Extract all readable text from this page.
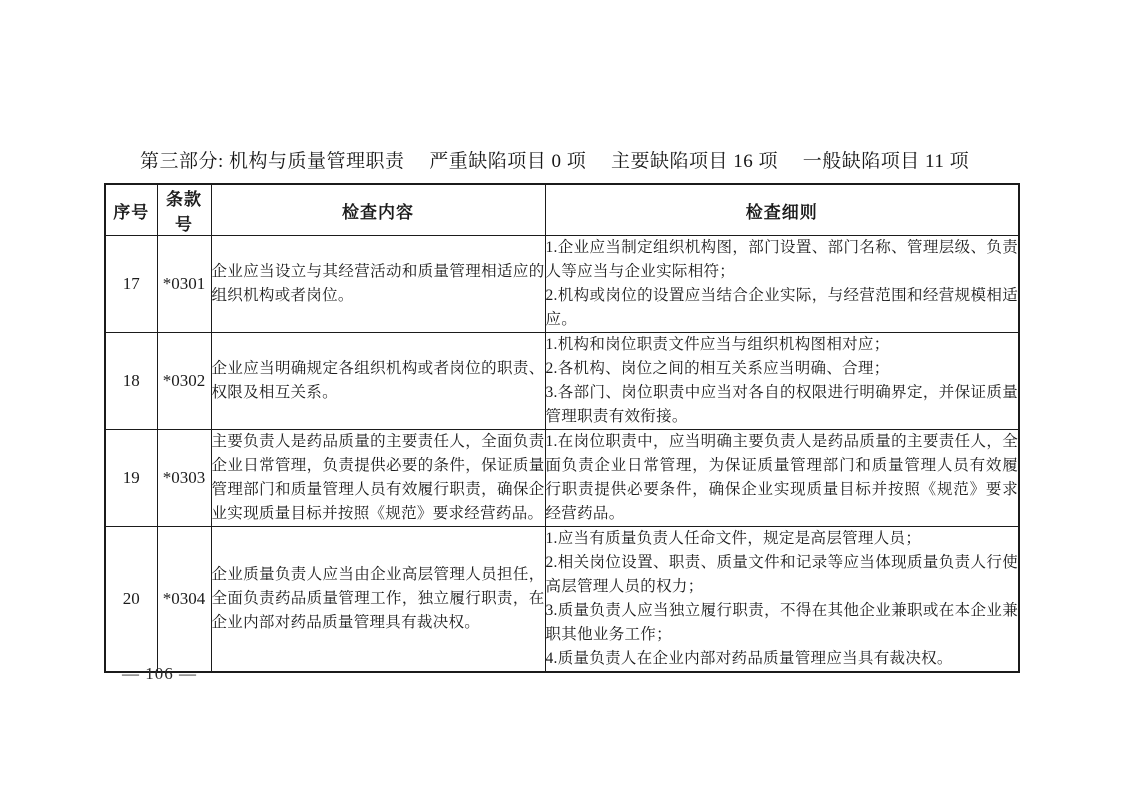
第三部分: 机构与质量管理职责　 严重缺陷项目 0 项　 主要缺陷项目 16 项　 一般缺陷项目 11 项
序号	条款号	检查内容	检查细则
17	*0301	企业应当设立与其经营活动和质量管理相适应的组织机构或者岗位。	1.企业应当制定组织机构图，部门设置、部门名称、管理层级、负责人等应当与企业实际相符；
2.机构或岗位的设置应当结合企业实际，与经营范围和经营规模相适应。

18	*0302	企业应当明确规定各组织机构或者岗位的职责、权限及相互关系。	1.机构和岗位职责文件应当与组织机构图相对应；
2.各机构、岗位之间的相互关系应当明确、合理；
3.各部门、岗位职责中应当对各自的权限进行明确界定，并保证质量管理职责有效衔接。

19	*0303	主要负责人是药品质量的主要责任人，全面负责企业日常管理，负责提供必要的条件，保证质量管理部门和质量管理人员有效履行职责，确保企业实现质量目标并按照《规范》要求经营药品。	1.在岗位职责中，应当明确主要负责人是药品质量的主要责任人，全面负责企业日常管理，为保证质量管理部门和质量管理人员有效履行职责提供必要条件，确保企业实现质量目标并按照《规范》要求经营药品。

20	*0304	企业质量负责人应当由企业高层管理人员担任，全面负责药品质量管理工作，独立履行职责，在企业内部对药品质量管理具有裁决权。	1.应当有质量负责人任命文件，规定是高层管理人员；
2.相关岗位设置、职责、质量文件和记录等应当体现质量负责人行使高层管理人员的权力；
3.质量负责人应当独立履行职责，不得在其他企业兼职或在本企业兼职其他业务工作；
4.质量负责人在企业内部对药品质量管理应当具有裁决权。
— 106 —
